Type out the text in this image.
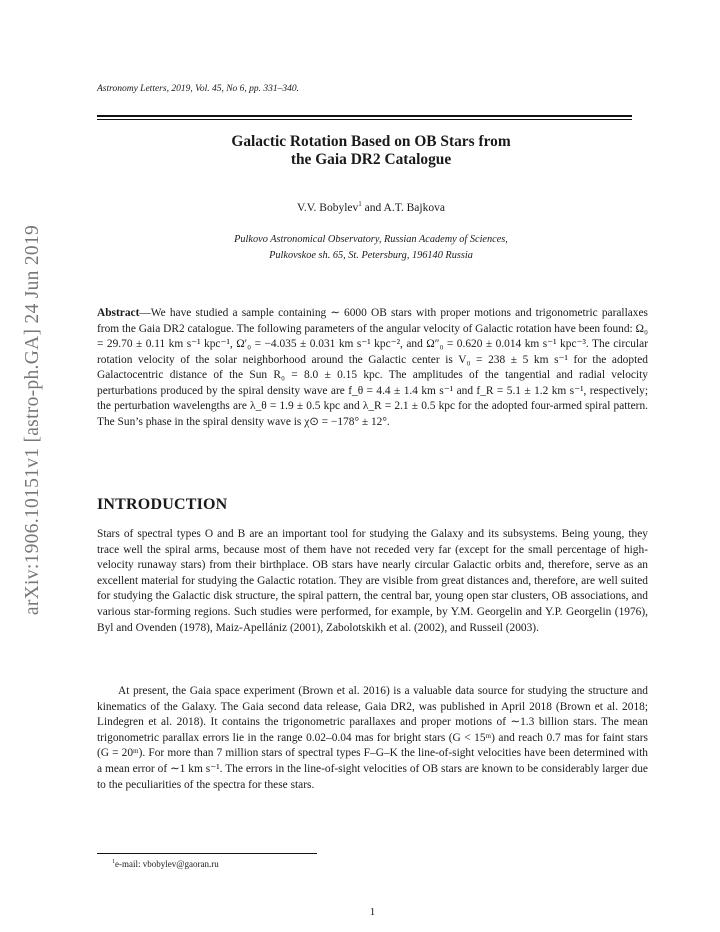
arXiv:1906.10151v1 [astro-ph.GA] 24 Jun 2019
Astronomy Letters, 2019, Vol. 45, No 6, pp. 331–340.
Galactic Rotation Based on OB Stars from
the Gaia DR2 Catalogue
V.V. Bobylev$^1$ and A.T. Bajkova
Pulkovo Astronomical Observatory, Russian Academy of Sciences,
Pulkovskoe sh. 65, St. Petersburg, 196140 Russia
Abstract—We have studied a sample containing ∼ 6000 OB stars with proper motions and trigonometric parallaxes from the Gaia DR2 catalogue. The following parameters of the angular velocity of Galactic rotation have been found: Ω₀ = 29.70 ± 0.11 km s⁻¹ kpc⁻¹, Ω′₀ = −4.035 ± 0.031 km s⁻¹ kpc⁻², and Ω″₀ = 0.620 ± 0.014 km s⁻¹ kpc⁻³. The circular rotation velocity of the solar neighborhood around the Galactic center is V₀ = 238 ± 5 km s⁻¹ for the adopted Galactocentric distance of the Sun R₀ = 8.0 ± 0.15 kpc. The amplitudes of the tangential and radial velocity perturbations produced by the spiral density wave are f_θ = 4.4 ± 1.4 km s⁻¹ and f_R = 5.1 ± 1.2 km s⁻¹, respectively; the perturbation wavelengths are λ_θ = 1.9 ± 0.5 kpc and λ_R = 2.1 ± 0.5 kpc for the adopted four-armed spiral pattern. The Sun’s phase in the spiral density wave is χ⊙ = −178° ± 12°.
INTRODUCTION
Stars of spectral types O and B are an important tool for studying the Galaxy and its subsystems. Being young, they trace well the spiral arms, because most of them have not receded very far (except for the small percentage of high-velocity runaway stars) from their birthplace. OB stars have nearly circular Galactic orbits and, therefore, serve as an excellent material for studying the Galactic rotation. They are visible from great distances and, therefore, are well suited for studying the Galactic disk structure, the spiral pattern, the central bar, young open star clusters, OB associations, and various star-forming regions. Such studies were performed, for example, by Y.M. Georgelin and Y.P. Georgelin (1976), Byl and Ovenden (1978), Maiz-Apellániz (2001), Zabolotskikh et al. (2002), and Russeil (2003).
At present, the Gaia space experiment (Brown et al. 2016) is a valuable data source for studying the structure and kinematics of the Galaxy. The Gaia second data release, Gaia DR2, was published in April 2018 (Brown et al. 2018; Lindegren et al. 2018). It contains the trigonometric parallaxes and proper motions of ∼1.3 billion stars. The mean trigonometric parallax errors lie in the range 0.02–0.04 mas for bright stars (G < 15ᵐ) and reach 0.7 mas for faint stars (G = 20ᵐ). For more than 7 million stars of spectral types F–G–K the line-of-sight velocities have been determined with a mean error of ∼1 km s⁻¹. The errors in the line-of-sight velocities of OB stars are known to be considerably larger due to the peculiarities of the spectra for these stars.
$^1$e-mail: vbobylev@gaoran.ru
1
